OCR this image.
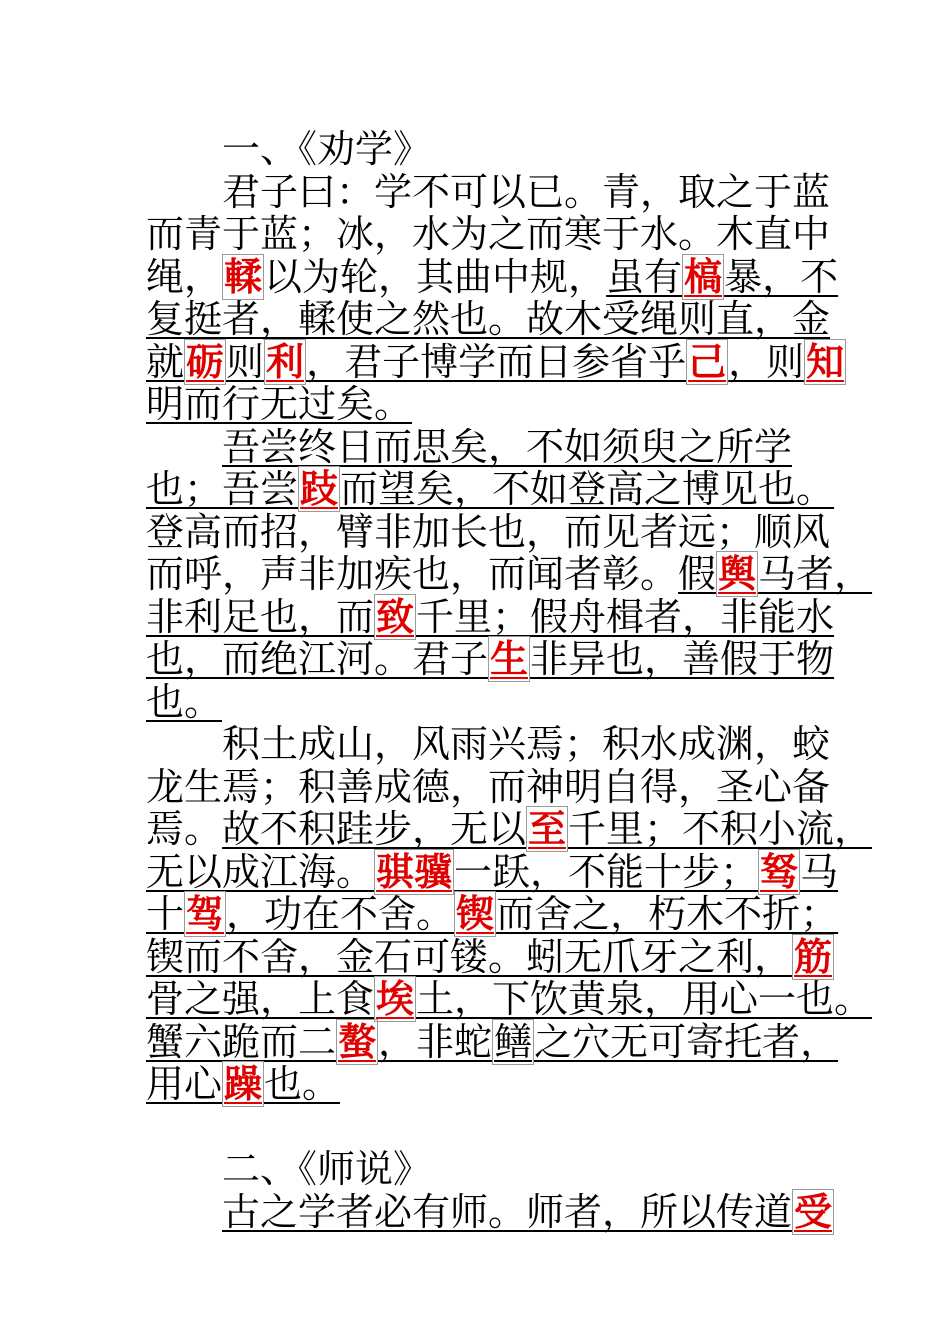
一、《劝学》
君子曰：学不可以已。青，取之于蓝
而青于蓝；冰，水为之而寒于水。木直中
绳，輮以为轮，其曲中规，虽有槁暴，不
复挺者，輮使之然也。故木受绳则直，金
就砺则利，君子博学而日参省乎己，则知
明而行无过矣。
吾尝终日而思矣，不如须臾之所学
也；吾尝跂而望矣，不如登高之博见也。
登高而招，臂非加长也，而见者远；顺风
而呼，声非加疾也，而闻者彰。假舆马者，
非利足也，而致千里；假舟楫者，非能水
也，而绝江河。君子生非异也，善假于物
也。
积土成山，风雨兴焉；积水成渊，蛟
龙生焉；积善成德，而神明自得，圣心备
焉。故不积跬步，无以至千里；不积小流，
无以成江海。骐骥一跃，不能十步；驽马
十驾，功在不舍。锲而舍之，朽木不折；
锲而不舍，金石可镂。蚓无爪牙之利，筋
骨之强，上食埃土，下饮黄泉，用心一也。
蟹六跪而二螯，非蛇鳝之穴无可寄托者，
用心躁也。
二、《师说》
古之学者必有师。师者，所以传道受
